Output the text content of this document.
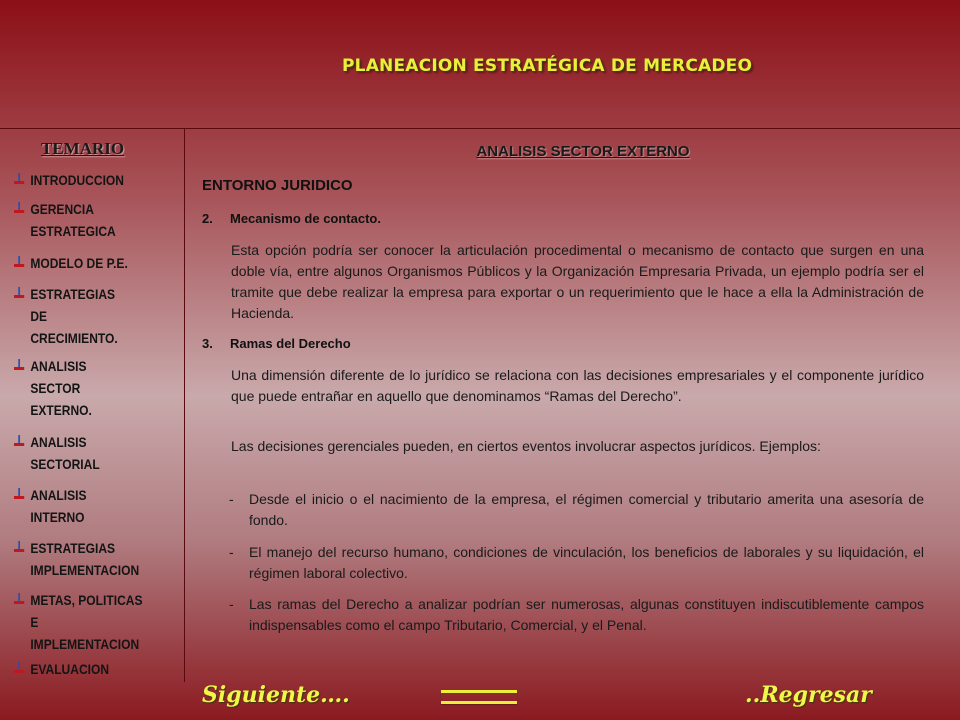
PLANEACION ESTRATÉGICA DE MERCADEO
TEMARIO
INTRODUCCION
GERENCIA
ESTRATEGICA
MODELO DE P.E.
ESTRATEGIAS
DE
CRECIMIENTO.
ANALISIS
SECTOR
EXTERNO.
ANALISIS
SECTORIAL
ANALISIS
INTERNO
ESTRATEGIAS
IMPLEMENTACION
METAS, POLITICAS
E
IMPLEMENTACION
EVALUACION
ANALISIS SECTOR EXTERNO
ENTORNO JURIDICO
2. Mecanismo de contacto.
Esta opción podría ser conocer la articulación procedimental o mecanismo de contacto que surgen en una doble vía, entre algunos Organismos Públicos y la Organización Empresaria Privada, un ejemplo podría ser el tramite que debe realizar la empresa para exportar o un requerimiento que le hace a ella la Administración de Hacienda.
3. Ramas del Derecho
Una dimensión diferente de lo jurídico se relaciona con las decisiones empresariales y el componente jurídico que puede entrañar en aquello que denominamos “Ramas del Derecho”.
Las decisiones gerenciales pueden, en ciertos eventos involucrar aspectos jurídicos. Ejemplos:
- Desde el inicio o el nacimiento de la empresa, el régimen comercial y tributario amerita una asesoría de fondo.
- El manejo del recurso humano, condiciones de vinculación, los beneficios de laborales y su liquidación, el régimen laboral colectivo.
- Las ramas del Derecho a analizar podrían ser numerosas, algunas constituyen indiscutiblemente campos indispensables como el campo Tributario, Comercial, y el Penal.
Siguiente….	..Regresar
